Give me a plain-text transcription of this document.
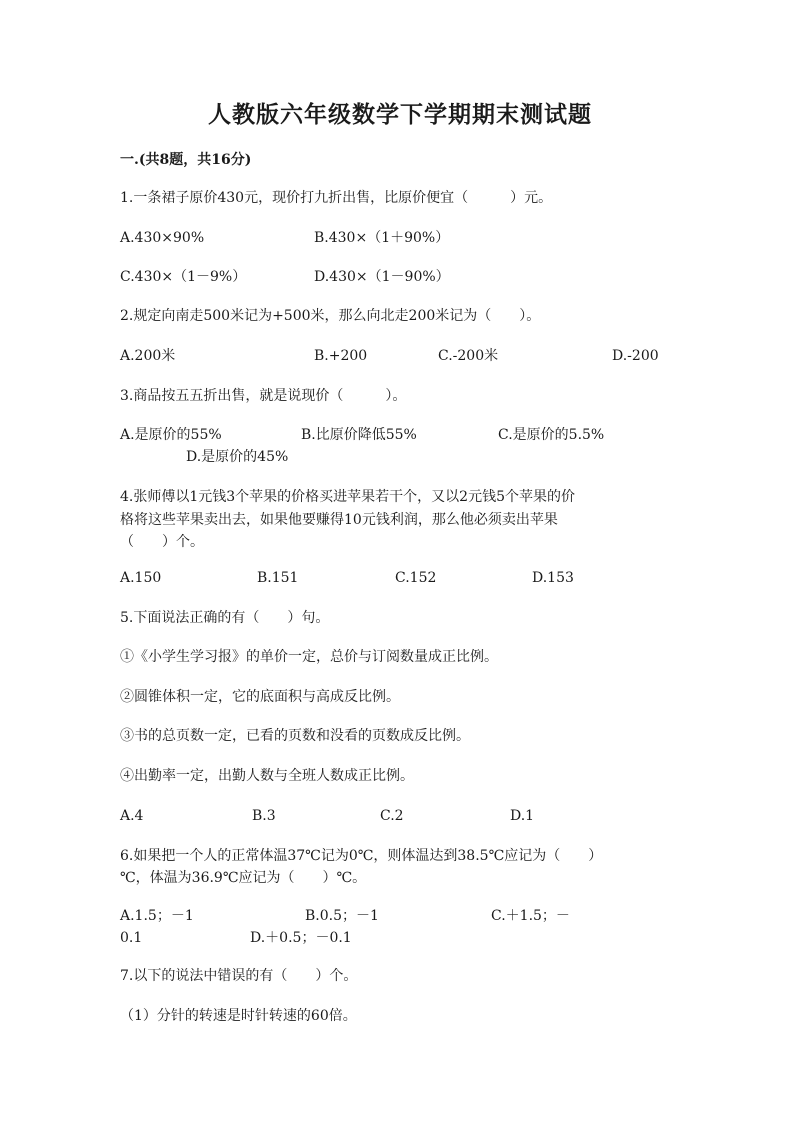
人教版六年级数学下学期期末测试题
一.(共8题，共16分)
1.一条裙子原价430元，现价打九折出售，比原价便宜（　　　）元。
A.430×90%	B.430×（1＋90%）
C.430×（1－9%）	D.430×（1－90%）
2.规定向南走500米记为+500米，那么向北走200米记为（　　）。
A.200米	B.+200	C.-200米	D.-200
3.商品按五五折出售，就是说现价（　　　）。
A.是原价的55%	B.比原价降低55%	C.是原价的5.5%
D.是原价的45%
4.张师傅以1元钱3个苹果的价格买进苹果若干个，又以2元钱5个苹果的价
格将这些苹果卖出去，如果他要赚得10元钱利润，那么他必须卖出苹果
（　　）个。
A.150	B.151	C.152	D.153
5.下面说法正确的有（　　）句。
①《小学生学习报》的单价一定，总价与订阅数量成正比例。
②圆锥体积一定，它的底面积与高成反比例。
③书的总页数一定，已看的页数和没看的页数成反比例。
④出勤率一定，出勤人数与全班人数成正比例。
A.4	B.3	C.2	D.1
6.如果把一个人的正常体温37℃记为0℃，则体温达到38.5℃应记为（　　）
℃，体温为36.9℃应记为（　　）℃。
A.1.5；－1	B.0.5；－1	C.＋1.5；－
0.1	D.＋0.5；－0.1
7.以下的说法中错误的有（　　）个。
（1）分针的转速是时针转速的60倍。
